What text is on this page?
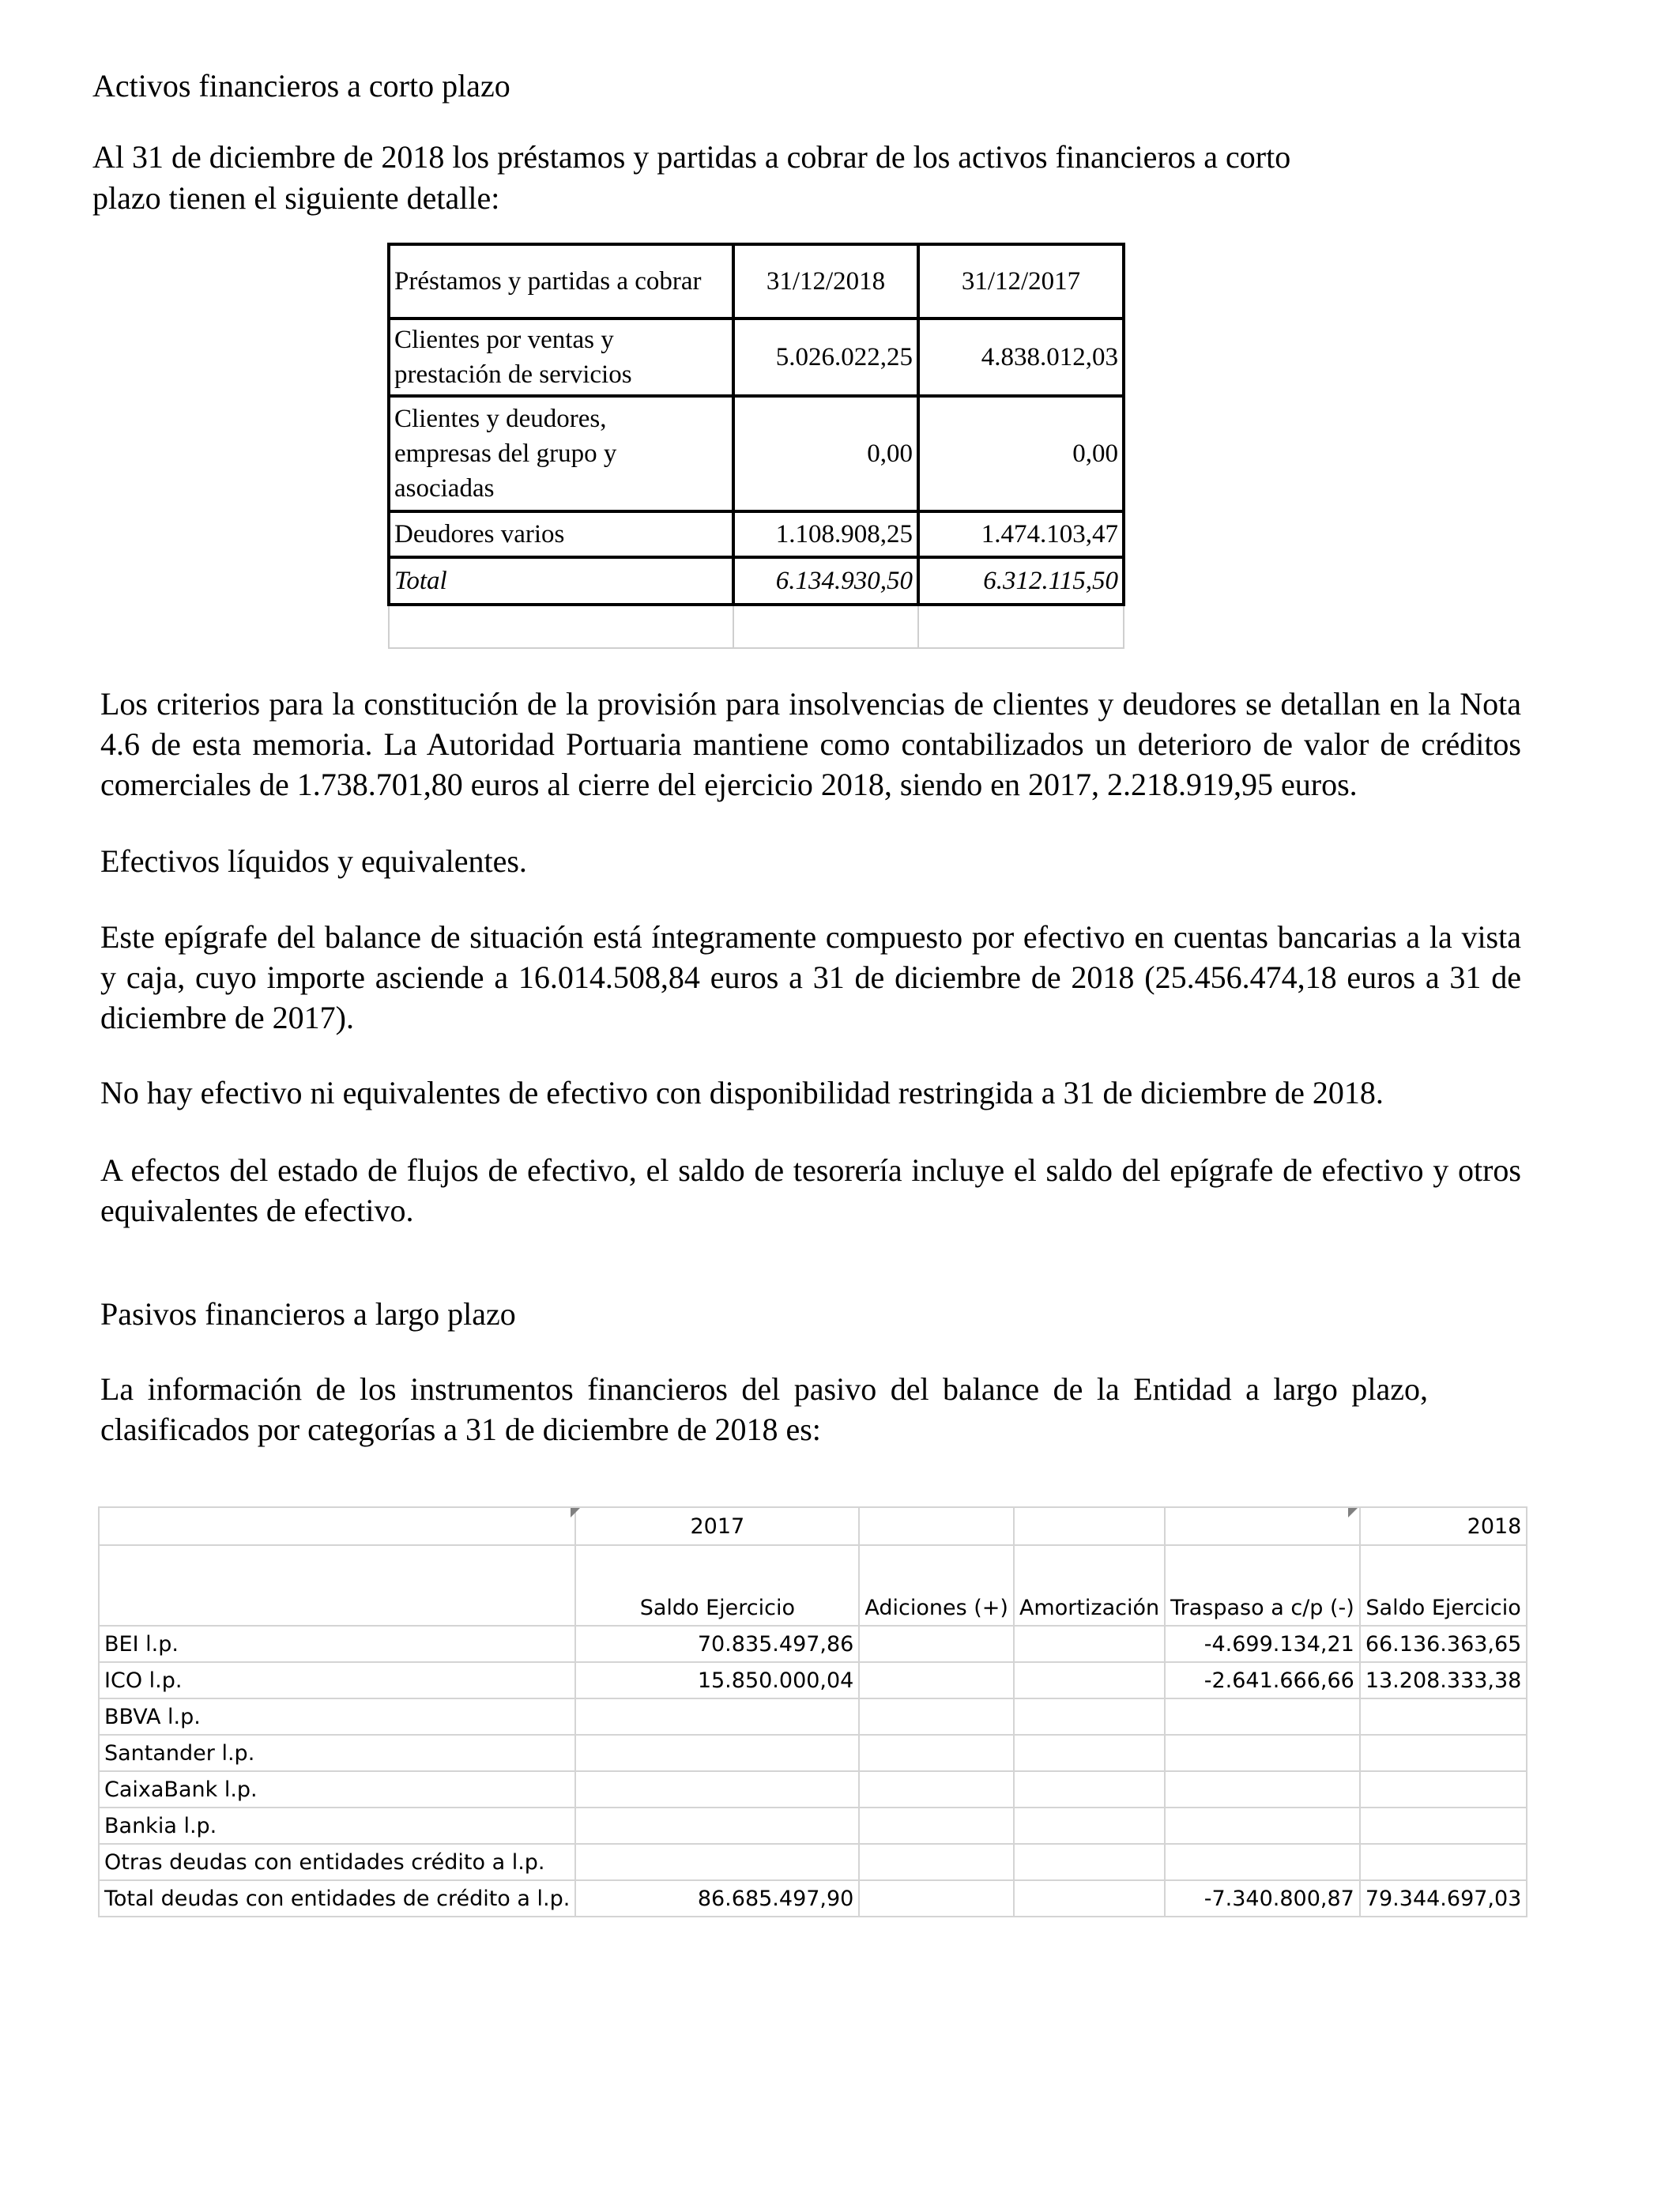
Activos financieros a corto plazo

Al 31 de diciembre de 2018 los préstamos y partidas a cobrar de los activos financieros a corto

plazo tienen el siguiente detalle:

Préstamos y partidas a cobrar	31/12/2018	31/12/2017
Clientes por ventas y
prestación de servicios	5.026.022,25	4.838.012,03
Clientes y deudores,
empresas del grupo y
asociadas	0,00	0,00
Deudores varios	1.108.908,25	1.474.103,47
Total	6.134.930,50	6.312.115,50

Los criterios para la constitución de la provisión para insolvencias de clientes y deudores se detallan en la Nota 4.6 de esta memoria. La Autoridad Portuaria mantiene como contabilizados un deterioro de valor de créditos comerciales de 1.738.701,80 euros al cierre del ejercicio 2018, siendo en 2017, 2.218.919,95 euros.

Efectivos líquidos y equivalentes.

Este epígrafe del balance de situación está íntegramente compuesto por efectivo en cuentas bancarias a la vista y caja, cuyo importe asciende a 16.014.508,84 euros a 31 de diciembre de 2018 (25.456.474,18 euros a 31 de diciembre de 2017).

No hay efectivo ni equivalentes de efectivo con disponibilidad restringida a 31 de diciembre de 2018.

A efectos del estado de flujos de efectivo, el saldo de tesorería incluye el saldo del epígrafe de efectivo y otros equivalentes de efectivo.

Pasivos financieros a largo plazo

La información de los instrumentos financieros del pasivo del balance de la Entidad a largo plazo, clasificados por categorías a 31 de diciembre de 2018 es:

	2017				2018
	Saldo Ejercicio	Adiciones (+)	Amortización	Traspaso a c/p (-)	Saldo Ejercicio
BEI l.p.	70.835.497,86			-4.699.134,21	66.136.363,65
ICO l.p.	15.850.000,04			-2.641.666,66	13.208.333,38
BBVA l.p.					
Santander l.p.					
CaixaBank l.p.					
Bankia l.p.					
Otras deudas con entidades crédito a l.p.					
Total deudas con entidades de crédito a l.p.	86.685.497,90			-7.340.800,87	79.344.697,03
